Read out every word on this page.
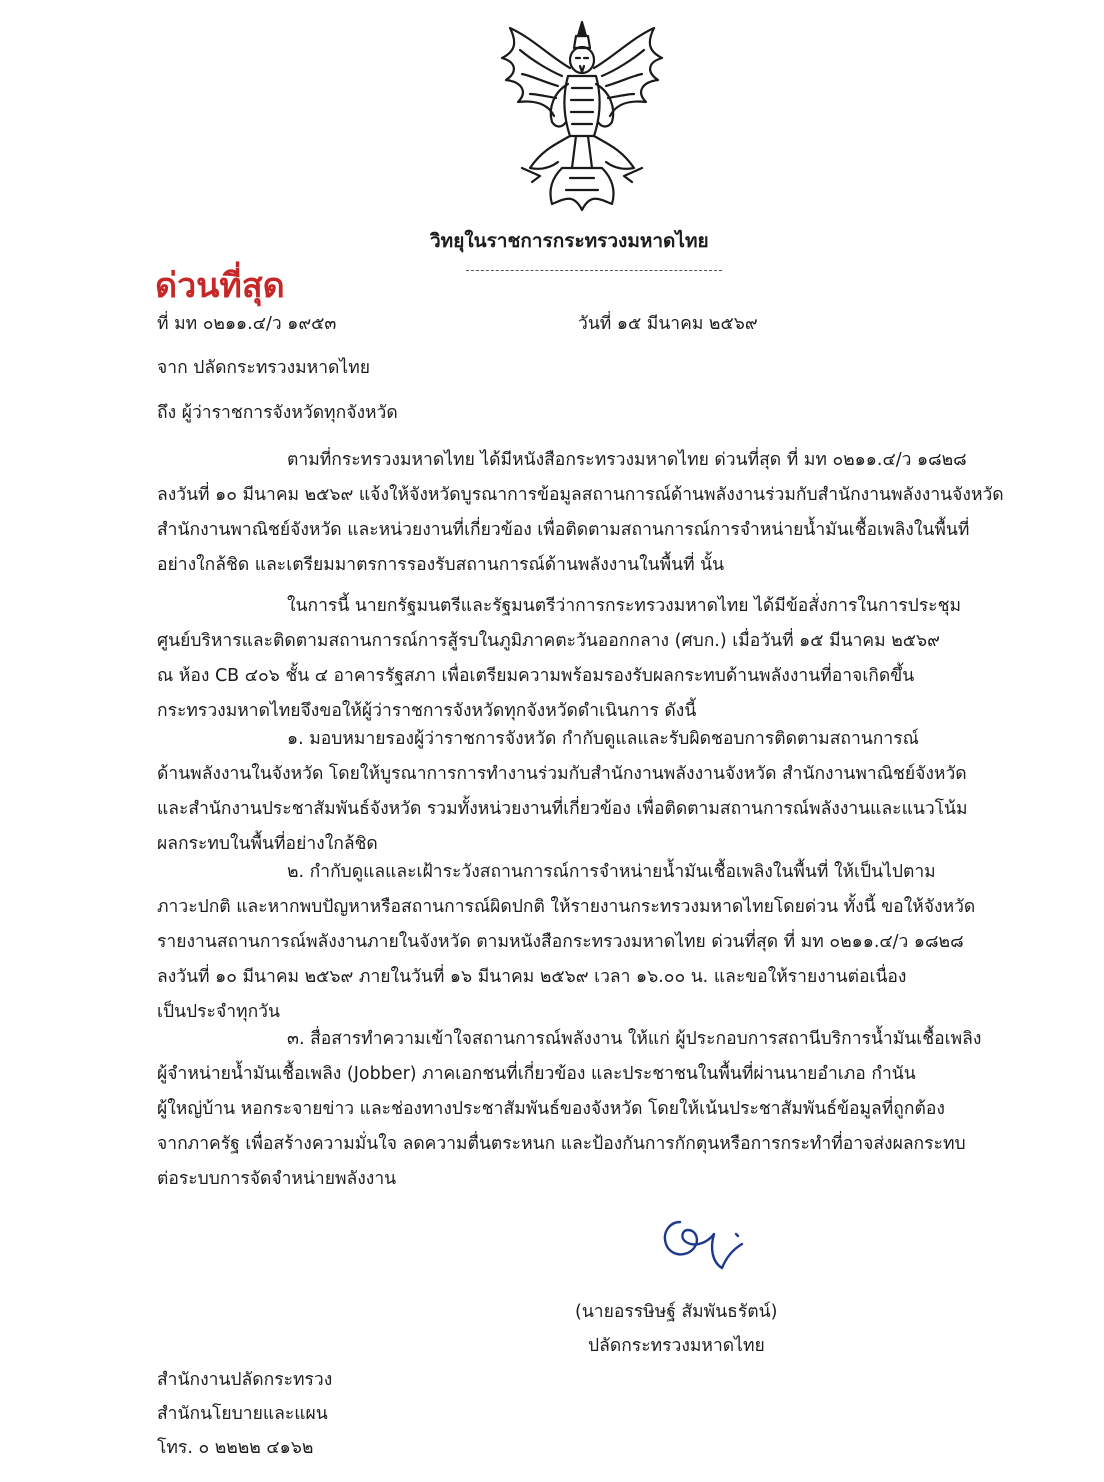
วิทยุในราชการกระทรวงมหาดไทย
ด่วนที่สุด
ที่ มท ๐๒๑๑.๔/ว ๑๙๕๓	วันที่ ๑๕ มีนาคม ๒๕๖๙
จาก ปลัดกระทรวงมหาดไทย
ถึง ผู้ว่าราชการจังหวัดทุกจังหวัด
ตามที่กระทรวงมหาดไทย ได้มีหนังสือกระทรวงมหาดไทย ด่วนที่สุด ที่ มท ๐๒๑๑.๔/ว ๑๘๒๘
ลงวันที่ ๑๐ มีนาคม ๒๕๖๙ แจ้งให้จังหวัดบูรณาการข้อมูลสถานการณ์ด้านพลังงานร่วมกับสำนักงานพลังงานจังหวัด
สำนักงานพาณิชย์จังหวัด และหน่วยงานที่เกี่ยวข้อง เพื่อติดตามสถานการณ์การจำหน่ายน้ำมันเชื้อเพลิงในพื้นที่
อย่างใกล้ชิด และเตรียมมาตรการรองรับสถานการณ์ด้านพลังงานในพื้นที่ นั้น
ในการนี้ นายกรัฐมนตรีและรัฐมนตรีว่าการกระทรวงมหาดไทย ได้มีข้อสั่งการในการประชุม
ศูนย์บริหารและติดตามสถานการณ์การสู้รบในภูมิภาคตะวันออกกลาง (ศบก.) เมื่อวันที่ ๑๕ มีนาคม ๒๕๖๙
ณ ห้อง CB ๔๐๖ ชั้น ๔ อาคารรัฐสภา เพื่อเตรียมความพร้อมรองรับผลกระทบด้านพลังงานที่อาจเกิดขึ้น
กระทรวงมหาดไทยจึงขอให้ผู้ว่าราชการจังหวัดทุกจังหวัดดำเนินการ ดังนี้
๑. มอบหมายรองผู้ว่าราชการจังหวัด กำกับดูแลและรับผิดชอบการติดตามสถานการณ์
ด้านพลังงานในจังหวัด โดยให้บูรณาการการทำงานร่วมกับสำนักงานพลังงานจังหวัด สำนักงานพาณิชย์จังหวัด
และสำนักงานประชาสัมพันธ์จังหวัด รวมทั้งหน่วยงานที่เกี่ยวข้อง เพื่อติดตามสถานการณ์พลังงานและแนวโน้ม
ผลกระทบในพื้นที่อย่างใกล้ชิด
๒. กำกับดูแลและเฝ้าระวังสถานการณ์การจำหน่ายน้ำมันเชื้อเพลิงในพื้นที่ ให้เป็นไปตาม
ภาวะปกติ และหากพบปัญหาหรือสถานการณ์ผิดปกติ ให้รายงานกระทรวงมหาดไทยโดยด่วน ทั้งนี้ ขอให้จังหวัด
รายงานสถานการณ์พลังงานภายในจังหวัด ตามหนังสือกระทรวงมหาดไทย ด่วนที่สุด ที่ มท ๐๒๑๑.๔/ว ๑๘๒๘
ลงวันที่ ๑๐ มีนาคม ๒๕๖๙ ภายในวันที่ ๑๖ มีนาคม ๒๕๖๙ เวลา ๑๖.๐๐ น. และขอให้รายงานต่อเนื่อง
เป็นประจำทุกวัน
๓. สื่อสารทำความเข้าใจสถานการณ์พลังงาน ให้แก่ ผู้ประกอบการสถานีบริการน้ำมันเชื้อเพลิง
ผู้จำหน่ายน้ำมันเชื้อเพลิง (Jobber) ภาคเอกชนที่เกี่ยวข้อง และประชาชนในพื้นที่ผ่านนายอำเภอ กำนัน
ผู้ใหญ่บ้าน หอกระจายข่าว และช่องทางประชาสัมพันธ์ของจังหวัด โดยให้เน้นประชาสัมพันธ์ข้อมูลที่ถูกต้อง
จากภาครัฐ เพื่อสร้างความมั่นใจ ลดความตื่นตระหนก และป้องกันการกักตุนหรือการกระทำที่อาจส่งผลกระทบ
ต่อระบบการจัดจำหน่ายพลังงาน
(นายอรรษิษฐ์ สัมพันธรัตน์)
ปลัดกระทรวงมหาดไทย
สำนักงานปลัดกระทรวง
สำนักนโยบายและแผน
โทร. ๐ ๒๒๒๒ ๔๑๖๒
